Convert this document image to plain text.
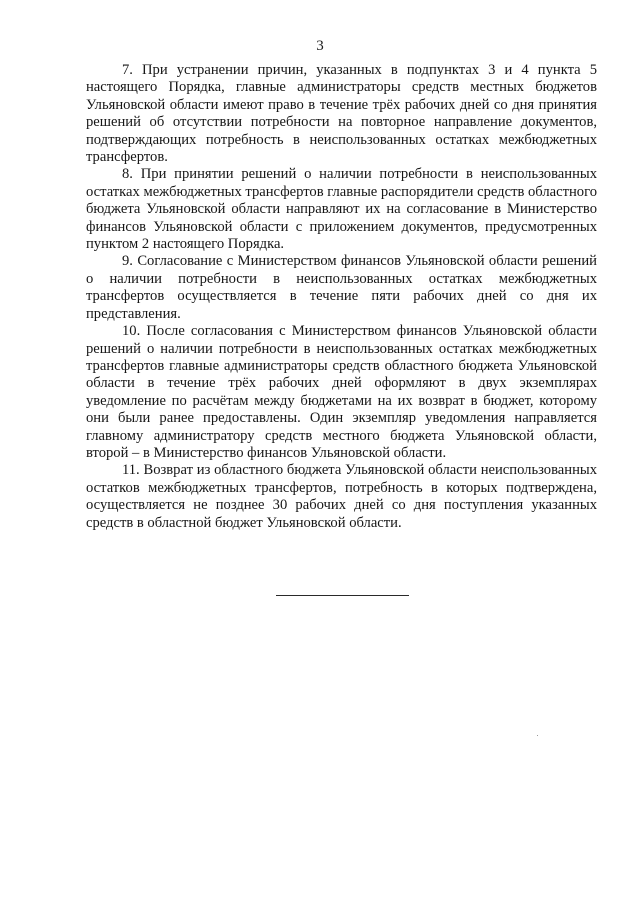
3

7. При устранении причин, указанных в подпунктах 3 и 4 пункта 5 настоящего Порядка, главные администраторы средств местных бюджетов Ульяновской области имеют право в течение трёх рабочих дней со дня принятия решений об отсутствии потребности на повторное направление документов, подтверждающих потребность в неиспользованных остатках межбюджетных трансфертов.

8. При принятии решений о наличии потребности в неиспользованных остатках межбюджетных трансфертов главные распорядители средств областного бюджета Ульяновской области направляют их на согласование в Министерство финансов Ульяновской области с приложением документов, предусмотренных пунктом 2 настоящего Порядка.

9. Согласование с Министерством финансов Ульяновской области решений о наличии потребности в неиспользованных остатках межбюджетных трансфертов осуществляется в течение пяти рабочих дней со дня их представления.

10. После согласования с Министерством финансов Ульяновской области решений о наличии потребности в неиспользованных остатках межбюджетных трансфертов главные администраторы средств областного бюджета Ульяновской области в течение трёх рабочих дней оформляют в двух экземплярах уведомление по расчётам между бюджетами на их возврат в бюджет, которому они были ранее предоставлены. Один экземпляр уведомления направляется главному администратору средств местного бюджета Ульяновской области, второй – в Министерство финансов Ульяновской области.

11. Возврат из областного бюджета Ульяновской области неиспользованных остатков межбюджетных трансфертов, потребность в которых подтверждена, осуществляется не позднее 30 рабочих дней со дня поступления указанных средств в областной бюджет Ульяновской области.
